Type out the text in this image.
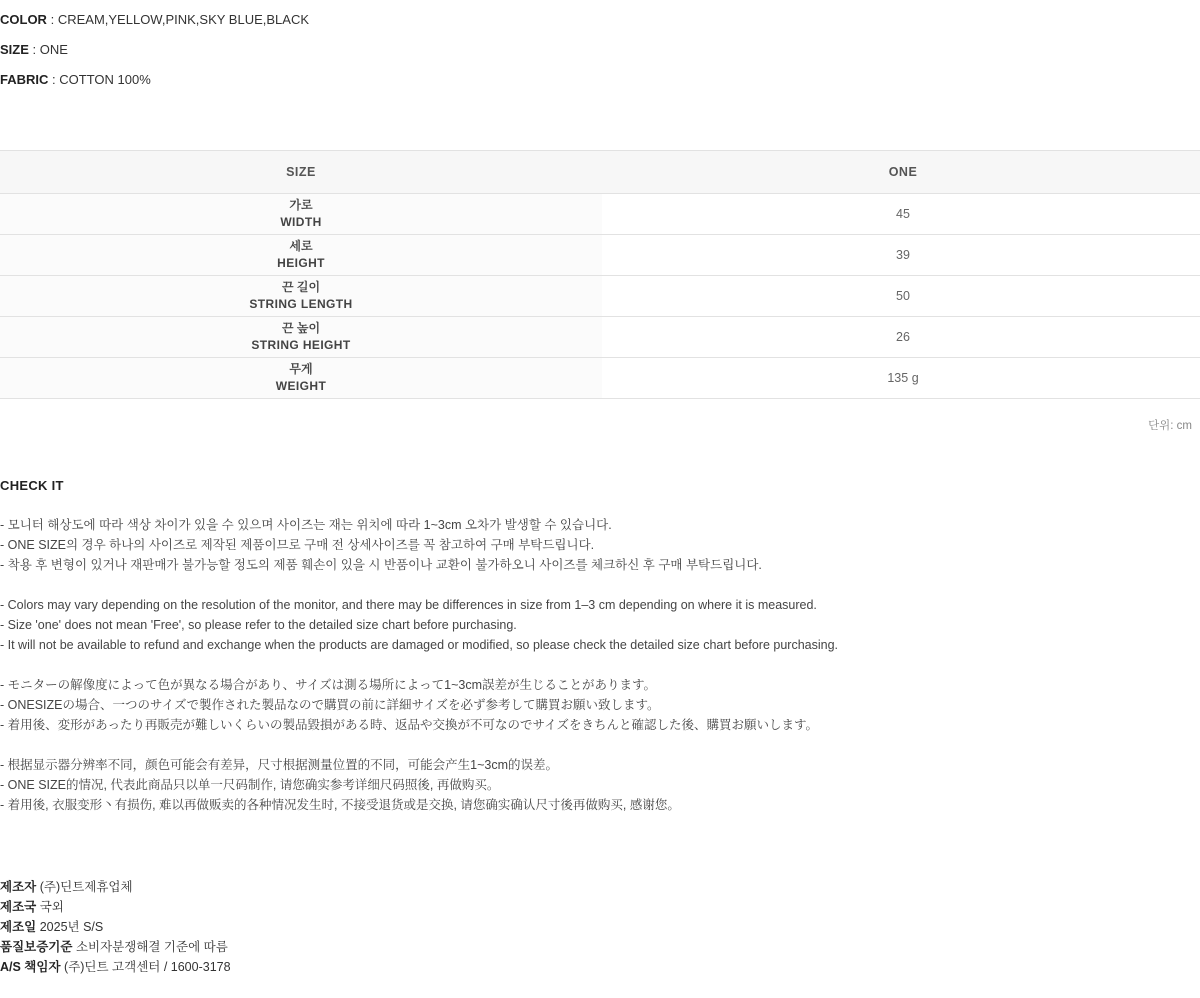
COLOR : CREAM,YELLOW,PINK,SKY BLUE,BLACK
SIZE : ONE
FABRIC : COTTON 100%
SIZE	ONE

가로
WIDTH	45

세로
HEIGHT	39

끈 길이
STRING LENGTH	50

끈 높이
STRING HEIGHT	26

무게
WEIGHT	135 g
단위: cm
CHECK IT
- 모니터 해상도에 따라 색상 차이가 있을 수 있으며 사이즈는 재는 위치에 따라 1~3cm 오차가 발생할 수 있습니다.
- ONE SIZE의 경우 하나의 사이즈로 제작된 제품이므로 구매 전 상세사이즈를 꼭 참고하여 구매 부탁드립니다.
- 착용 후 변형이 있거나 재판매가 불가능할 정도의 제품 훼손이 있을 시 반품이나 교환이 불가하오니 사이즈를 체크하신 후 구매 부탁드립니다.
- Colors may vary depending on the resolution of the monitor, and there may be differences in size from 1–3 cm depending on where it is measured.
- Size 'one' does not mean 'Free', so please refer to the detailed size chart before purchasing.
- It will not be available to refund and exchange when the products are damaged or modified, so please check the detailed size chart before purchasing.
- モニターの解像度によって色が異なる場合があり、サイズは測る場所によって1~3cm誤差が生じることがあります。
- ONESIZEの場合、一つのサイズで製作された製品なので購買の前に詳細サイズを必ず参考して購買お願い致します。
- 着用後、変形があったり再販売が難しいくらいの製品毀損がある時、返品や交換が不可なのでサイズをきちんと確認した後、購買お願いします。
- 根据显示器分辨率不同，颜色可能会有差异，尺寸根据测量位置的不同，可能会产生1~3cm的误差。
- ONE SIZE的情况, 代表此商品只以单一尺码制作, 请您确实参考详细尺码照後, 再做购买。
- 着用後, 衣服变形丶有损伤, 难以再做贩卖的各种情况发生时, 不接受退货或是交换, 请您确实确认尺寸後再做购买, 感谢您。
제조자 (주)딘트제휴업체
제조국 국외
제조일 2025년 S/S
품질보증기준 소비자분쟁해결 기준에 따름
A/S 책임자 (주)딘트 고객센터 / 1600-3178
